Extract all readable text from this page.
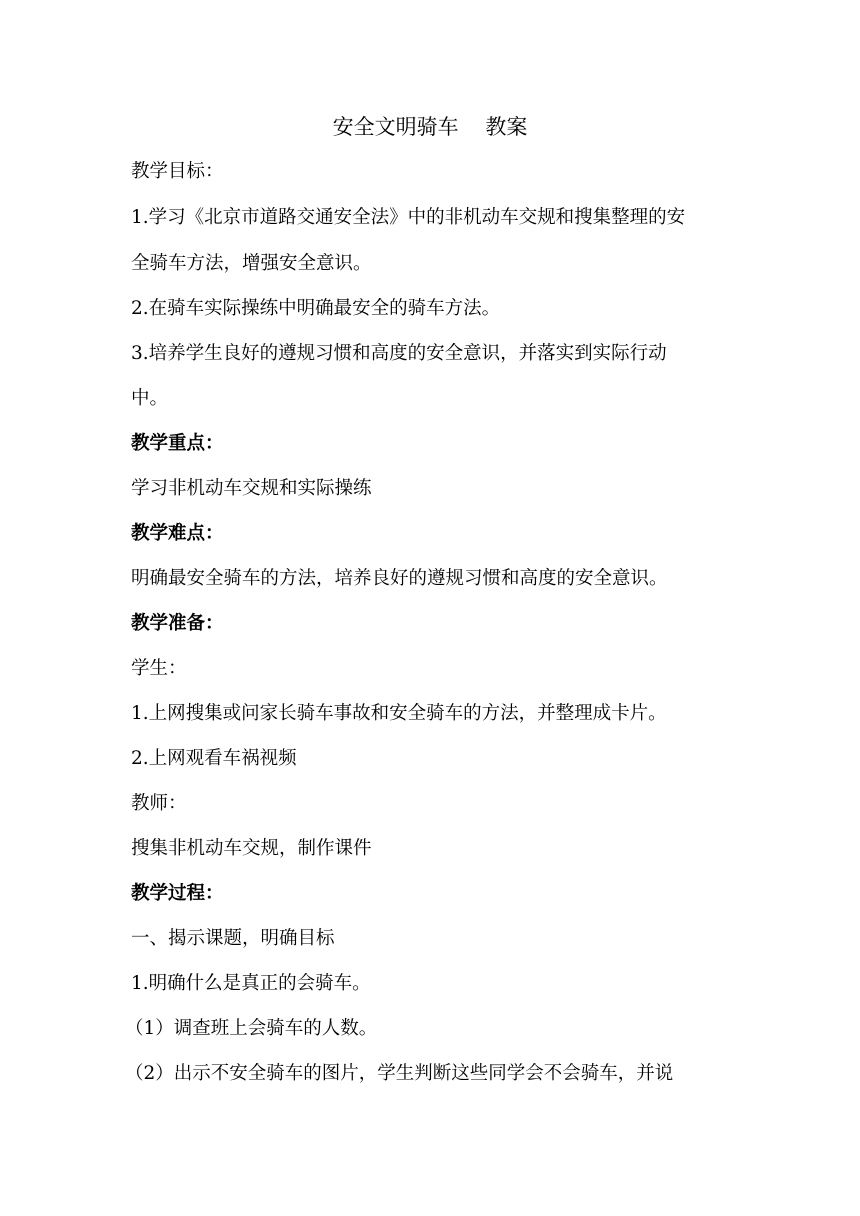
安全文明骑车    教案
教学目标：
1.学习《北京市道路交通安全法》中的非机动车交规和搜集整理的安
全骑车方法，增强安全意识。
2.在骑车实际操练中明确最安全的骑车方法。
3.培养学生良好的遵规习惯和高度的安全意识，并落实到实际行动
中。
教学重点：
学习非机动车交规和实际操练
教学难点：
明确最安全骑车的方法，培养良好的遵规习惯和高度的安全意识。
教学准备：
学生：
1.上网搜集或问家长骑车事故和安全骑车的方法，并整理成卡片。
2.上网观看车祸视频
教师：
搜集非机动车交规，制作课件
教学过程：
一、揭示课题，明确目标
1.明确什么是真正的会骑车。
（1）调查班上会骑车的人数。
（2）出示不安全骑车的图片，学生判断这些同学会不会骑车，并说
